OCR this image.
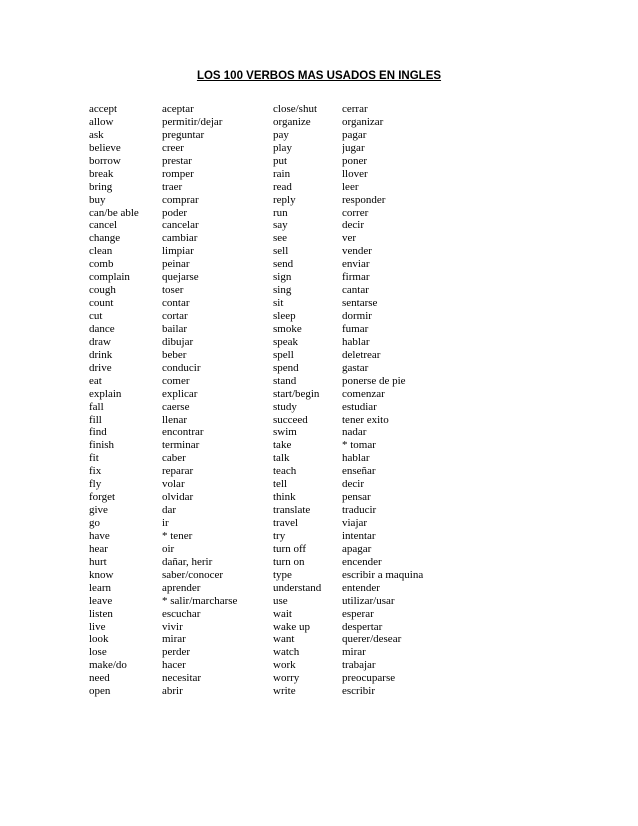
LOS 100 VERBOS MAS USADOS EN INGLES
accept	aceptar	close/shut	cerrar
allow	permitir/dejar	organize	organizar
ask	preguntar	pay	pagar
believe	creer	play	jugar
borrow	prestar	put	poner
break	romper	rain	llover
bring	traer	read	leer
buy	comprar	reply	responder
can/be able	poder	run	correr
cancel	cancelar	say	decir
change	cambiar	see	ver
clean	limpiar	sell	vender
comb	peinar	send	enviar
complain	quejarse	sign	firmar
cough	toser	sing	cantar
count	contar	sit	sentarse
cut	cortar	sleep	dormir
dance	bailar	smoke	fumar
draw	dibujar	speak	hablar
drink	beber	spell	deletrear
drive	conducir	spend	gastar
eat	comer	stand	ponerse de pie
explain	explicar	start/begin	comenzar
fall	caerse	study	estudiar
fill	llenar	succeed	tener exito
find	encontrar	swim	nadar
finish	terminar	take	* tomar
fit	caber	talk	hablar
fix	reparar	teach	enseñar
fly	volar	tell	decir
forget	olvidar	think	pensar
give	dar	translate	traducir
go	ir	travel	viajar
have	* tener	try	intentar
hear	oir	turn off	apagar
hurt	dañar, herir	turn on	encender
know	saber/conocer	type	escribir a maquina
learn	aprender	understand	entender
leave	* salir/marcharse	use	utilizar/usar
listen	escuchar	wait	esperar
live	vivir	wake up	despertar
look	mirar	want	querer/desear
lose	perder	watch	mirar
make/do	hacer	work	trabajar
need	necesitar	worry	preocuparse
open	abrir	write	escribir
